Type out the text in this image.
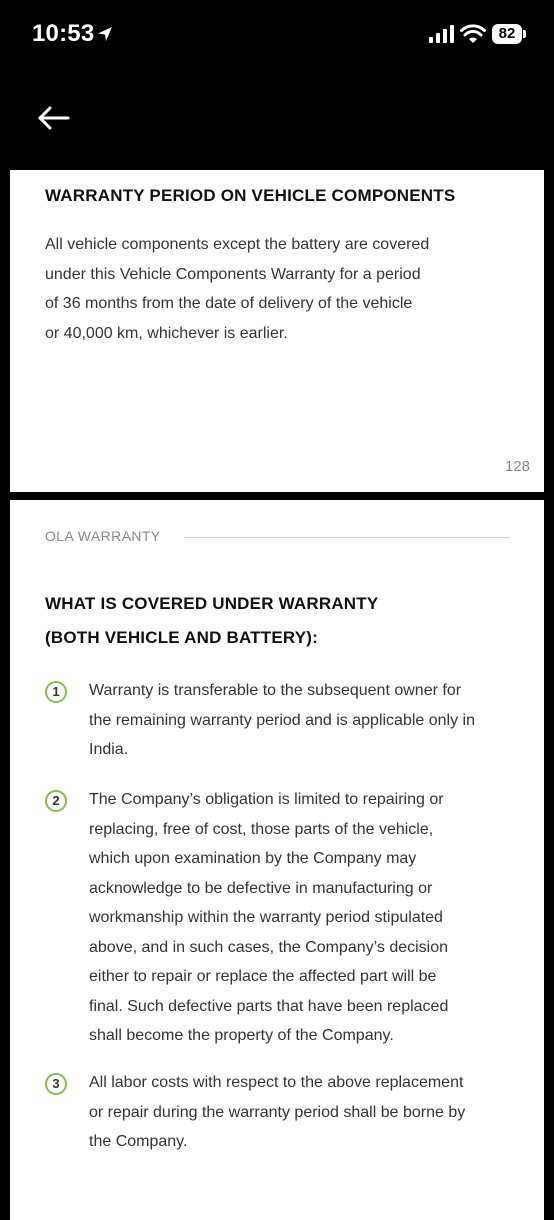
10:53	82
WARRANTY PERIOD ON VEHICLE COMPONENTS
All vehicle components except the battery are covered
under this Vehicle Components Warranty for a period
of 36 months from the date of delivery of the vehicle
or 40,000 km, whichever is earlier.
128
OLA WARRANTY
WHAT IS COVERED UNDER WARRANTY
(BOTH VEHICLE AND BATTERY):
1	Warranty is transferable to the subsequent owner for
the remaining warranty period and is applicable only in
India.
2	The Company’s obligation is limited to repairing or
replacing, free of cost, those parts of the vehicle,
which upon examination by the Company may
acknowledge to be defective in manufacturing or
workmanship within the warranty period stipulated
above, and in such cases, the Company’s decision
either to repair or replace the affected part will be
final. Such defective parts that have been replaced
shall become the property of the Company.
3	All labor costs with respect to the above replacement
or repair during the warranty period shall be borne by
the Company.
